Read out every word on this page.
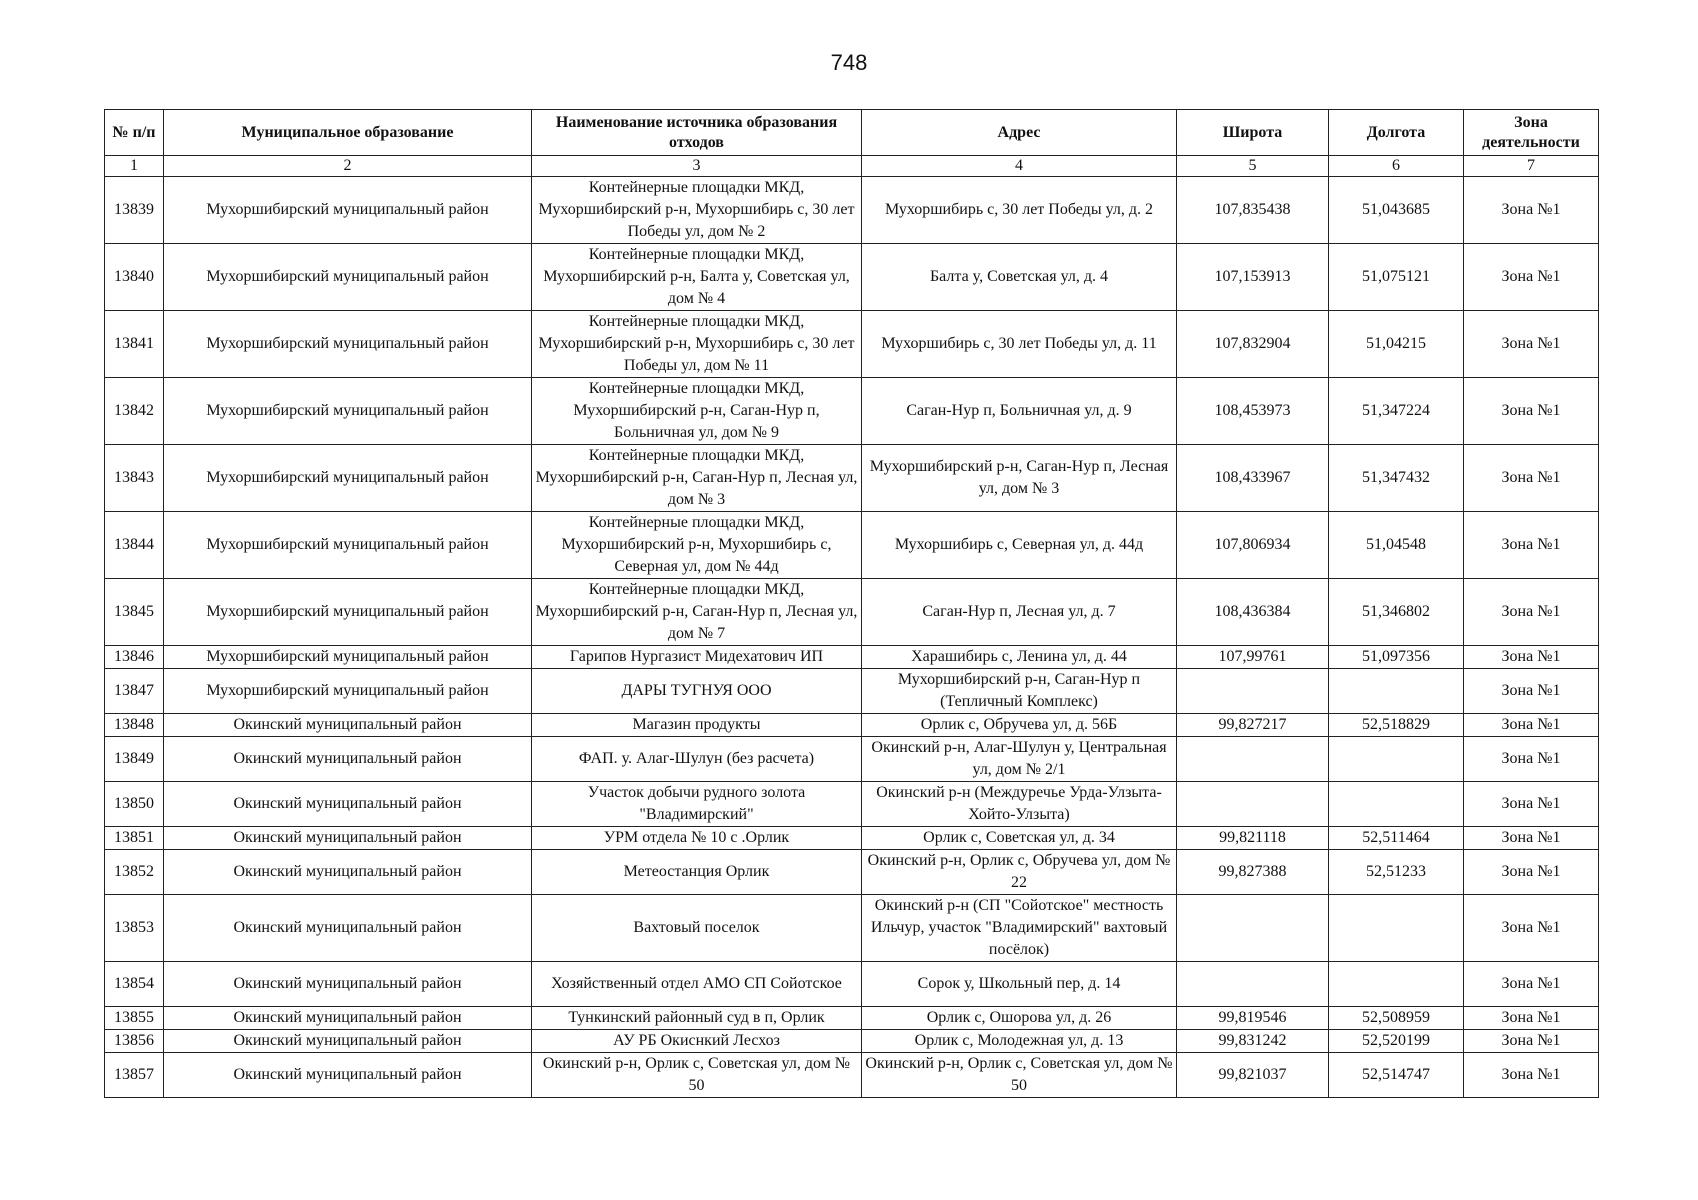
748
№ п/п	Муниципальное образование	Наименование источника образования отходов	Адрес	Широта	Долгота	Зона деятельности
1	2	3	4	5	6	7
13839	Мухоршибирский муниципальный район	Контейнерные площадки МКД, Мухоршибирский р-н, Мухоршибирь с, 30 лет Победы ул, дом № 2	Мухоршибирь с, 30 лет Победы ул, д. 2	107,835438	51,043685	Зона №1
13840	Мухоршибирский муниципальный район	Контейнерные площадки МКД, Мухоршибирский р-н, Балта у, Советская ул, дом № 4	Балта у, Советская ул, д. 4	107,153913	51,075121	Зона №1
13841	Мухоршибирский муниципальный район	Контейнерные площадки МКД, Мухоршибирский р-н, Мухоршибирь с, 30 лет Победы ул, дом № 11	Мухоршибирь с, 30 лет Победы ул, д. 11	107,832904	51,04215	Зона №1
13842	Мухоршибирский муниципальный район	Контейнерные площадки МКД, Мухоршибирский р-н, Саган-Нур п, Больничная ул, дом № 9	Саган-Нур п, Больничная ул, д. 9	108,453973	51,347224	Зона №1
13843	Мухоршибирский муниципальный район	Контейнерные площадки МКД, Мухоршибирский р-н, Саган-Нур п, Лесная ул, дом № 3	Мухоршибирский р-н, Саган-Нур п, Лесная ул, дом № 3	108,433967	51,347432	Зона №1
13844	Мухоршибирский муниципальный район	Контейнерные площадки МКД, Мухоршибирский р-н, Мухоршибирь с, Северная ул, дом № 44д	Мухоршибирь с, Северная ул, д. 44д	107,806934	51,04548	Зона №1
13845	Мухоршибирский муниципальный район	Контейнерные площадки МКД, Мухоршибирский р-н, Саган-Нур п, Лесная ул, дом № 7	Саган-Нур п, Лесная ул, д. 7	108,436384	51,346802	Зона №1
13846	Мухоршибирский муниципальный район	Гарипов Нургазист Мидехатович ИП	Харашибирь с, Ленина ул, д. 44	107,99761	51,097356	Зона №1
13847	Мухоршибирский муниципальный район	ДАРЫ ТУГНУЯ ООО	Мухоршибирский р-н, Саган-Нур п (Тепличный Комплекс)			Зона №1
13848	Окинский муниципальный район	Магазин продукты	Орлик с, Обручева ул, д. 56Б	99,827217	52,518829	Зона №1
13849	Окинский муниципальный район	ФАП. у. Алаг-Шулун (без расчета)	Окинский р-н, Алаг-Шулун у, Центральная ул, дом № 2/1			Зона №1
13850	Окинский муниципальный район	Участок добычи рудного золота "Владимирский"	Окинский р-н (Междуречье Урда-Улзыта-Хойто-Улзыта)			Зона №1
13851	Окинский муниципальный район	УРМ отдела № 10 с .Орлик	Орлик с, Советская ул, д. 34	99,821118	52,511464	Зона №1
13852	Окинский муниципальный район	Метеостанция Орлик	Окинский р-н, Орлик с, Обручева ул, дом № 22	99,827388	52,51233	Зона №1
13853	Окинский муниципальный район	Вахтовый поселок	Окинский р-н (СП "Сойотское" местность Ильчур, участок "Владимирский" вахтовый посёлок)			Зона №1
13854	Окинский муниципальный район	Хозяйственный отдел АМО СП Сойотское	Сорок у, Школьный пер, д. 14			Зона №1
13855	Окинский муниципальный район	Тункинский районный суд в п, Орлик	Орлик с, Ошорова ул, д. 26	99,819546	52,508959	Зона №1
13856	Окинский муниципальный район	АУ РБ Окиснкий Лесхоз	Орлик с, Молодежная ул, д. 13	99,831242	52,520199	Зона №1
13857	Окинский муниципальный район	Окинский р-н, Орлик с, Советская ул, дом № 50	Окинский р-н, Орлик с, Советская ул, дом № 50	99,821037	52,514747	Зона №1
